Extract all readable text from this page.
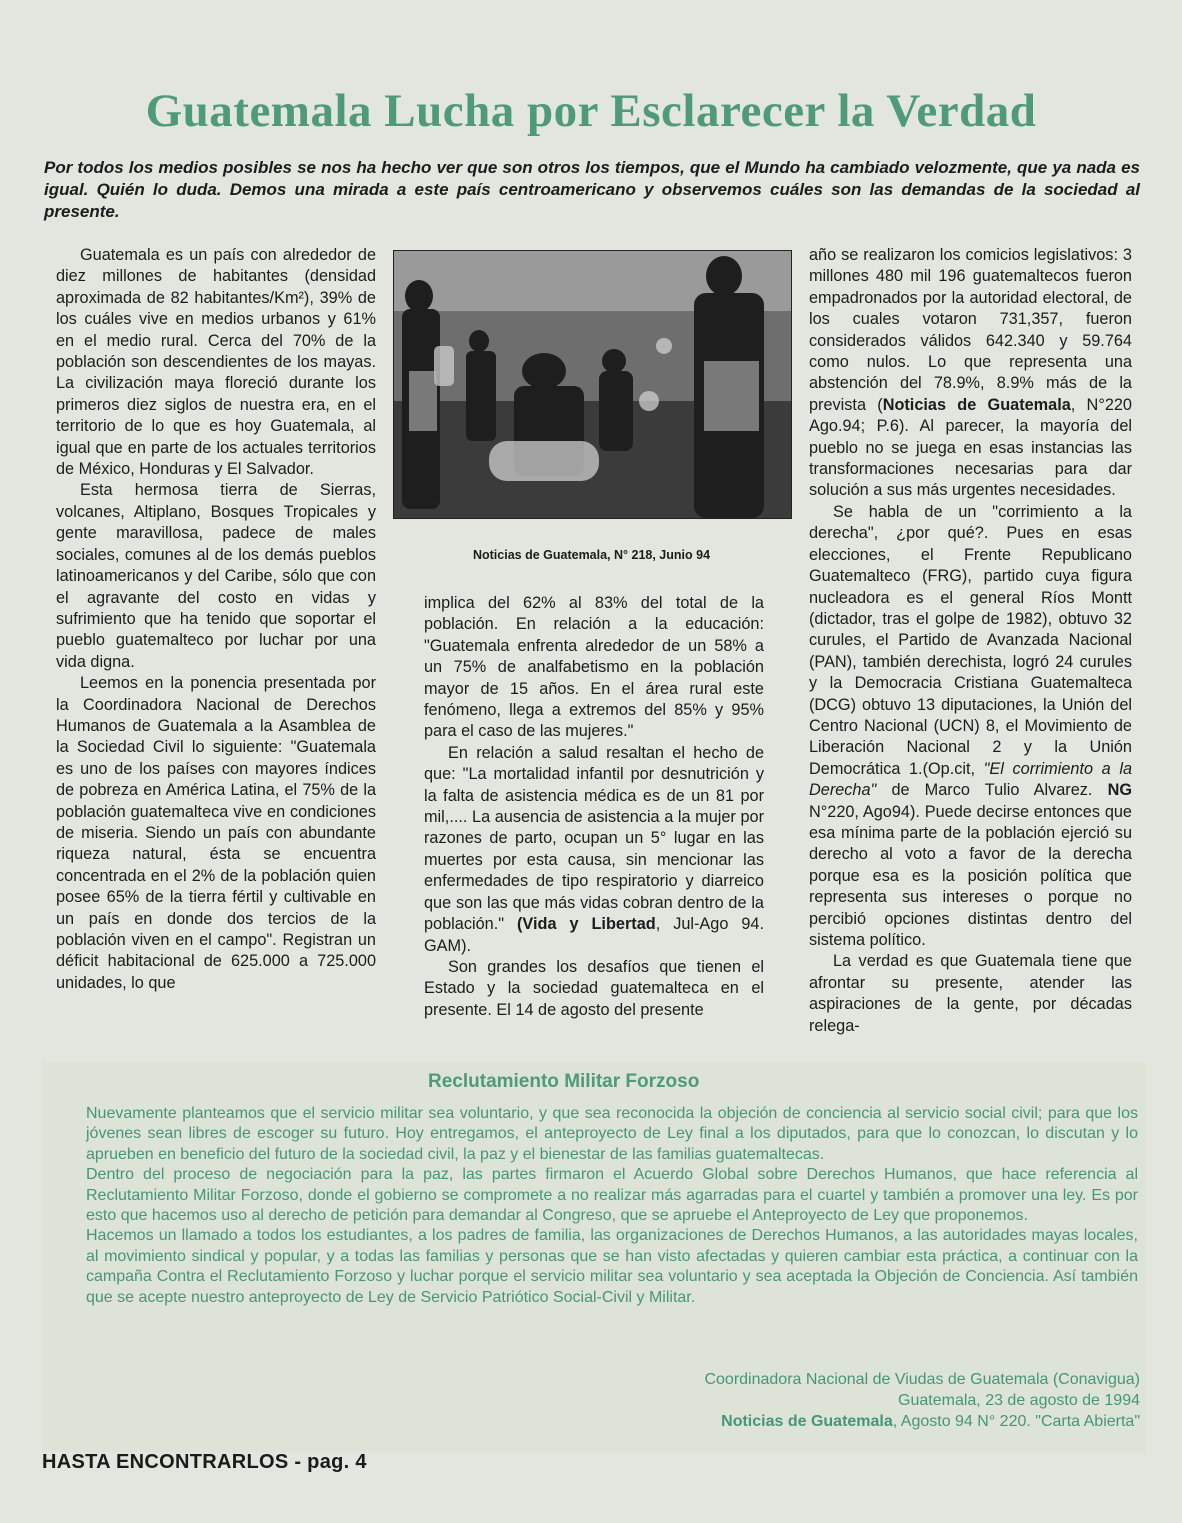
Guatemala Lucha por Esclarecer la Verdad

Por todos los medios posibles se nos ha hecho ver que son otros los tiempos, que el Mundo ha cambiado velozmente, que ya nada es igual. Quién lo duda. Demos una mirada a este país centroamericano y observemos cuáles son las demandas de la sociedad al presente.

Guatemala es un país con alrededor de diez millones de habitantes (densidad aproximada de 82 habitantes/Km²), 39% de los cuáles vive en medios urbanos y 61% en el medio rural. Cerca del 70% de la población son descendientes de los mayas. La civilización maya floreció durante los primeros diez siglos de nuestra era, en el territorio de lo que es hoy Guatemala, al igual que en parte de los actuales territorios de México, Honduras y El Salvador.

Esta hermosa tierra de Sierras, volcanes, Altiplano, Bosques Tropicales y gente maravillosa, padece de males sociales, comunes al de los demás pueblos latinoamericanos y del Caribe, sólo que con el agravante del costo en vidas y sufrimiento que ha tenido que soportar el pueblo guatemalteco por luchar por una vida digna.

Leemos en la ponencia presentada por la Coordinadora Nacional de Derechos Humanos de Guatemala a la Asamblea de la Sociedad Civil lo siguiente: "Guatemala es uno de los países con mayores índices de pobreza en América Latina, el 75% de la población guatemalteca vive en condiciones de miseria. Siendo un país con abundante riqueza natural, ésta se encuentra concentrada en el 2% de la población quien posee 65% de la tierra fértil y cultivable en un país en donde dos tercios de la población viven en el campo". Registran un déficit habitacional de 625.000 a 725.000 unidades, lo que

Noticias de Guatemala, N° 218, Junio 94

implica del 62% al 83% del total de la población. En relación a la educación: "Guatemala enfrenta alrededor de un 58% a un 75% de analfabetismo en la población mayor de 15 años. En el área rural este fenómeno, llega a extremos del 85% y 95% para el caso de las mujeres."

En relación a salud resaltan el hecho de que: "La mortalidad infantil por desnutrición y la falta de asistencia médica es de un 81 por mil,.... La ausencia de asistencia a la mujer por razones de parto, ocupan un 5° lugar en las muertes por esta causa, sin mencionar las enfermedades de tipo respiratorio y diarreico que son las que más vidas cobran dentro de la población." (Vida y Libertad, Jul-Ago 94. GAM).

Son grandes los desafíos que tienen el Estado y la sociedad guatemalteca en el presente. El 14 de agosto del presente

año se realizaron los comicios legislativos: 3 millones 480 mil 196 guatemaltecos fueron empadronados por la autoridad electoral, de los cuales votaron 731,357, fueron considerados válidos 642.340 y 59.764 como nulos. Lo que representa una abstención del 78.9%, 8.9% más de la prevista (Noticias de Guatemala, N°220 Ago.94; P.6). Al parecer, la mayoría del pueblo no se juega en esas instancias las transformaciones necesarias para dar solución a sus más urgentes necesidades.

Se habla de un "corrimiento a la derecha", ¿por qué?. Pues en esas elecciones, el Frente Republicano Guatemalteco (FRG), partido cuya figura nucleadora es el general Ríos Montt (dictador, tras el golpe de 1982), obtuvo 32 curules, el Partido de Avanzada Nacional (PAN), también derechista, logró 24 curules y la Democracia Cristiana Guatemalteca (DCG) obtuvo 13 diputaciones, la Unión del Centro Nacional (UCN) 8, el Movimiento de Liberación Nacional 2 y la Unión Democrática 1.(Op.cit, "El corrimiento a la Derecha" de Marco Tulio Alvarez. NG N°220, Ago94). Puede decirse entonces que esa mínima parte de la población ejerció su derecho al voto a favor de la derecha porque esa es la posición política que representa sus intereses o porque no percibió opciones distintas dentro del sistema político.

La verdad es que Guatemala tiene que afrontar su presente, atender las aspiraciones de la gente, por décadas relega-

Reclutamiento Militar Forzoso

Nuevamente planteamos que el servicio militar sea voluntario, y que sea reconocida la objeción de conciencia al servicio social civil; para que los jóvenes sean libres de escoger su futuro. Hoy entregamos, el anteproyecto de Ley final a los diputados, para que lo conozcan, lo discutan y lo aprueben en beneficio del futuro de la sociedad civil, la paz y el bienestar de las familias guatemaltecas.

Dentro del proceso de negociación para la paz, las partes firmaron el Acuerdo Global sobre Derechos Humanos, que hace referencia al Reclutamiento Militar Forzoso, donde el gobierno se compromete a no realizar más agarradas para el cuartel y también a promover una ley. Es por esto que hacemos uso al derecho de petición para demandar al Congreso, que se apruebe el Anteproyecto de Ley que proponemos.

Hacemos un llamado a todos los estudiantes, a los padres de familia, las organizaciones de Derechos Humanos, a las autoridades mayas locales, al movimiento sindical y popular, y a todas las familias y personas que se han visto afectadas y quieren cambiar esta práctica, a continuar con la campaña Contra el Reclutamiento Forzoso y luchar porque el servicio militar sea voluntario y sea aceptada la Objeción de Conciencia. Así también que se acepte nuestro anteproyecto de Ley de Servicio Patriótico Social-Civil y Militar.

Coordinadora Nacional de Viudas de Guatemala (Conavigua)
Guatemala, 23 de agosto de 1994
Noticias de Guatemala, Agosto 94 N° 220. "Carta Abierta"
HASTA ENCONTRARLOS - pag. 4
